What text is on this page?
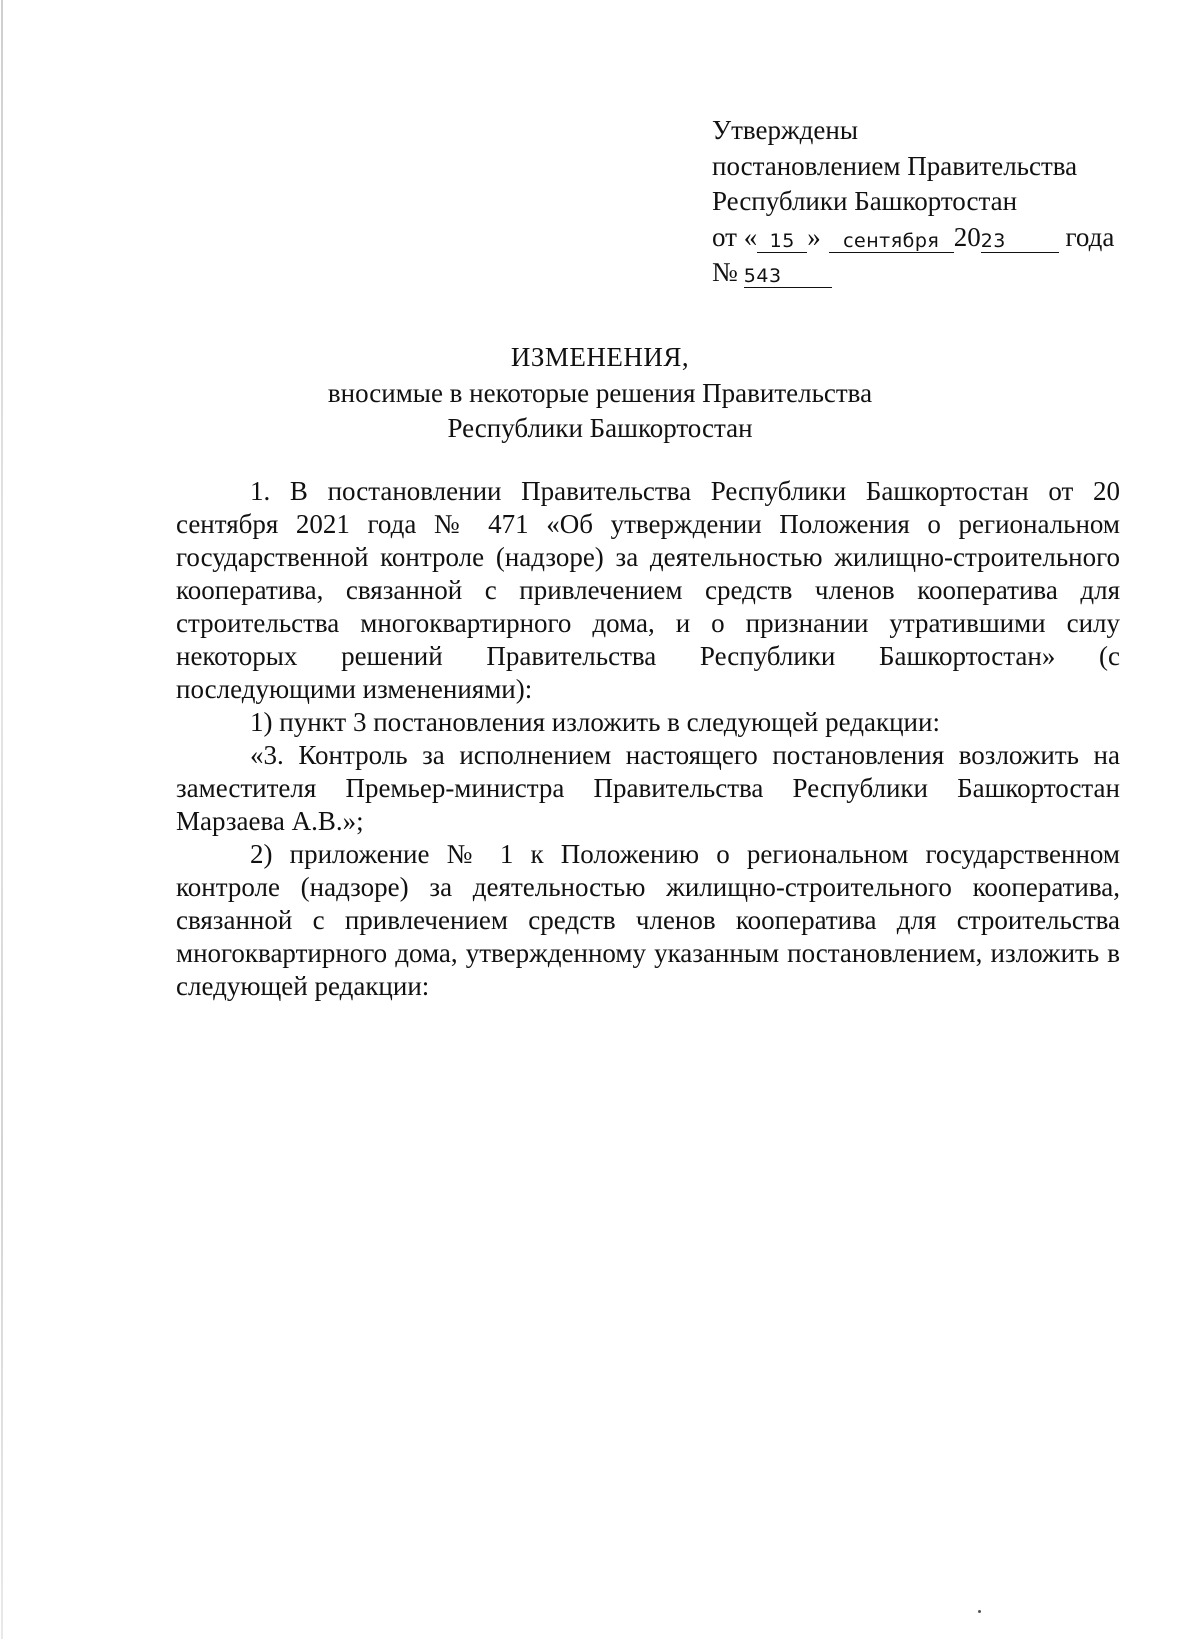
Утверждены
постановлением Правительства
Республики Башкортостан
от « 15 » сентября 2023 года
№ 543
ИЗМЕНЕНИЯ,
вносимые в некоторые решения Правительства
Республики Башкортостан

1. В постановлении Правительства Республики Башкортостан от 20 сентября 2021 года № 471 «Об утверждении Положения о региональном государственной контроле (надзоре) за деятельностью жилищно-строительного кооператива, связанной с привлечением средств членов кооператива для строительства многоквартирного дома, и о признании утратившими силу некоторых решений Правительства Республики Башкортостан» (с последующими изменениями):

1) пункт 3 постановления изложить в следующей редакции:

«3. Контроль за исполнением настоящего постановления возложить на заместителя Премьер-министра Правительства Республики Башкортостан Марзаева А.В.»;

2) приложение № 1 к Положению о региональном государственном контроле (надзоре) за деятельностью жилищно-строительного кооператива, связанной с привлечением средств членов кооператива для строительства многоквартирного дома, утвержденному указанным постановлением, изложить в следующей редакции:
